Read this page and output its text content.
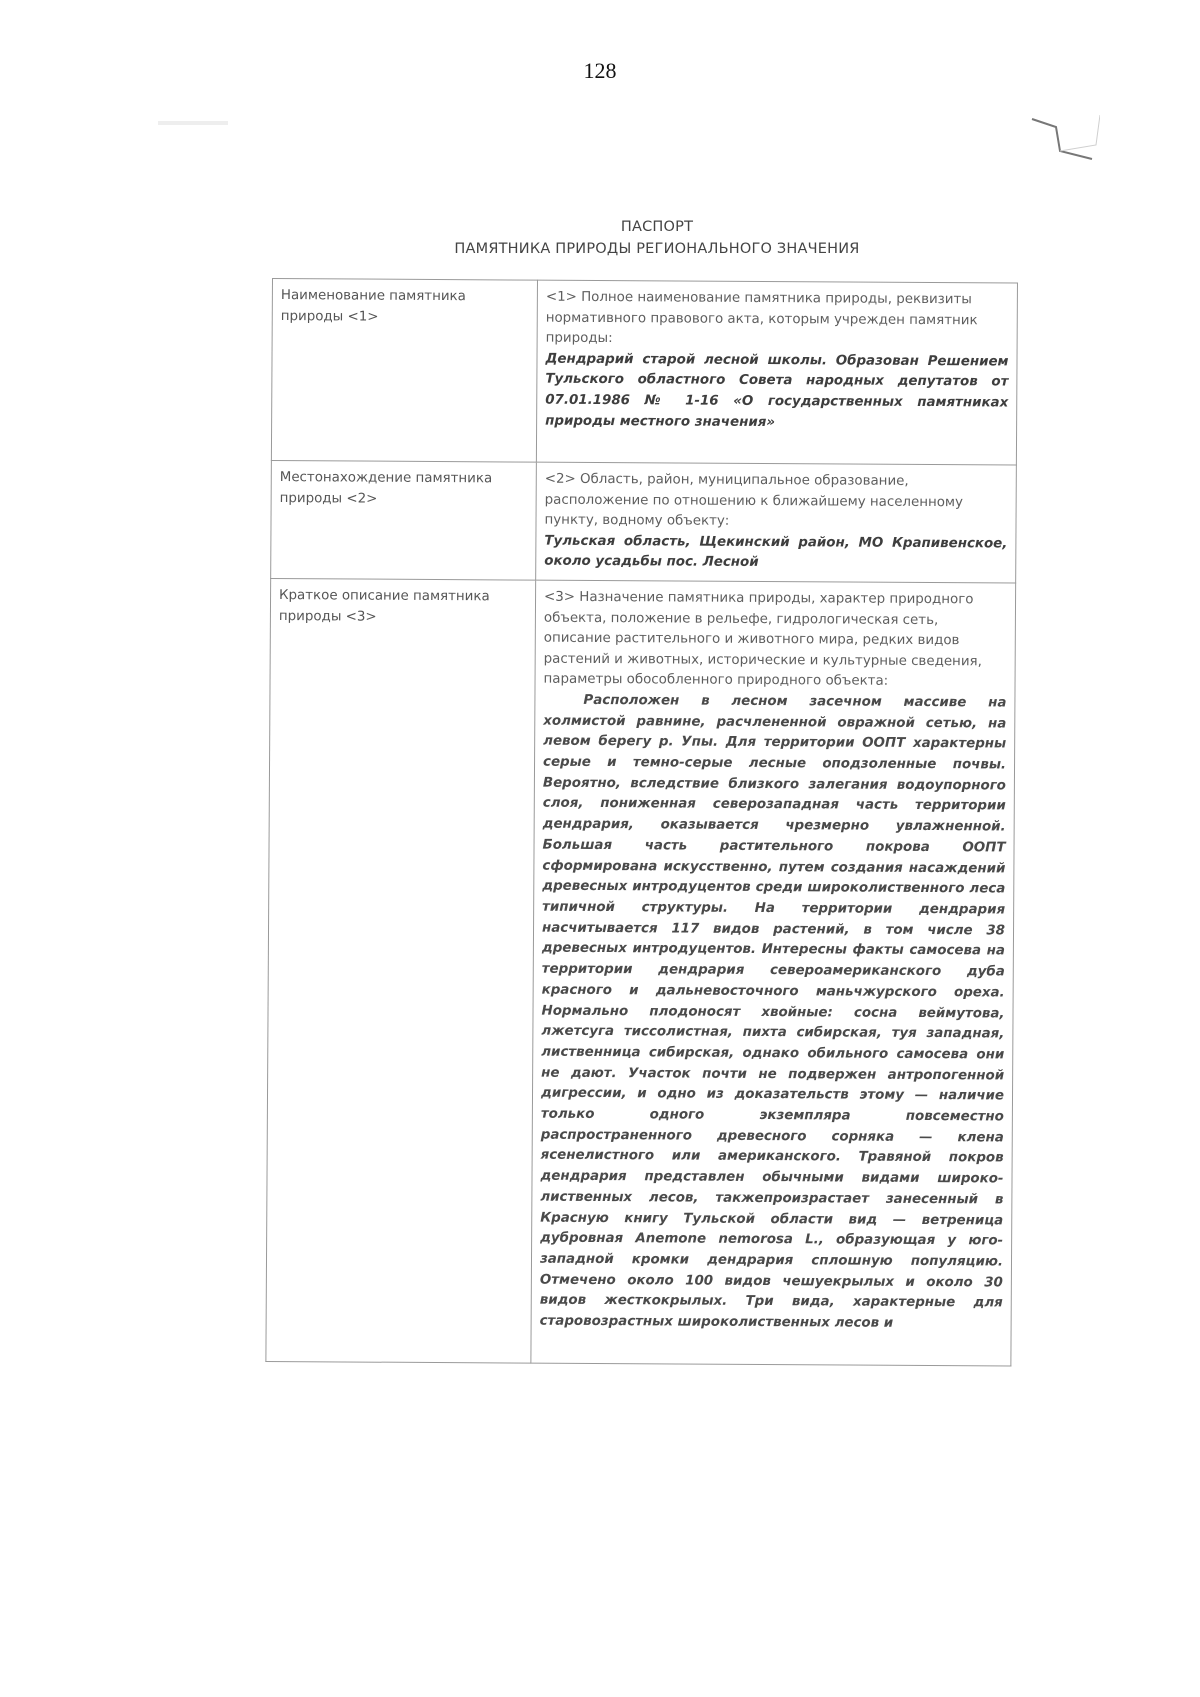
128
ПАСПОРТ
ПАМЯТНИКА ПРИРОДЫ РЕГИОНАЛЬНОГО ЗНАЧЕНИЯ
Наименование памятника природы <1>	<1> Полное наименование памятника природы, реквизиты нормативного правового акта, которым учрежден памятник природы:
Дендрарий старой лесной школы. Образован Решением Тульского областного Совета народных депутатов от 07.01.1986 № 1-16 «О государственных памятниках природы местного значения»

Местонахождение памятника природы <2>	<2> Область, район, муниципальное образование, расположение по отношению к ближайшему населенному пункту, водному объекту:
Тульская область, Щекинский район, МО Крапивенское, около усадьбы пос. Лесной

Краткое описание памятника природы <3>	<3> Назначение памятника природы, характер природного объекта, положение в рельефе, гидрологическая сеть, описание растительного и животного мира, редких видов растений и животных, исторические и культурные сведения, параметры обособленного природного объекта:
Расположен в лесном засечном массиве на холмистой равнине, расчлененной овражной сетью, на левом берегу р. Упы. Для территории ООПТ характерны серые и темно-серые лесные оподзоленные почвы. Вероятно, вследствие близкого залегания водоупорного слоя, пониженная северозападная часть территории дендрария, оказывается чрезмерно увлажненной. Большая часть растительного покрова ООПТ сформирована искусственно, путем создания насаждений древесных интродуцентов среди широколиственного леса типичной структуры. На территории дендрария насчитывается 117 видов растений, в том числе 38 древесных интродуцентов. Интересны факты самосева на территории дендрария североамериканского дуба красного и дальневосточного маньчжурского ореха. Нормально плодоносят хвойные: сосна веймутова, лжетсуга тиссолистная, пихта сибирская, туя западная, лиственница сибирская, однако обильного самосева они не дают. Участок почти не подвержен антропогенной дигрессии, и одно из доказательств этому — наличие только одного экземпляра повсеместно распространенного древесного сорняка — клена ясенелистного или американского. Травяной покров дендрария представлен обычными видами широко-лиственных лесов, такжепроизрастает занесенный в Красную книгу Тульской области вид — ветреница дубровная Anemone nemorosa L., образующая у юго-западной кромки дендрария сплошную популяцию. Отмечено около 100 видов чешуекрылых и около 30 видов жесткокрылых. Три вида, характерные для старовозрастных широколиственных лесов и
